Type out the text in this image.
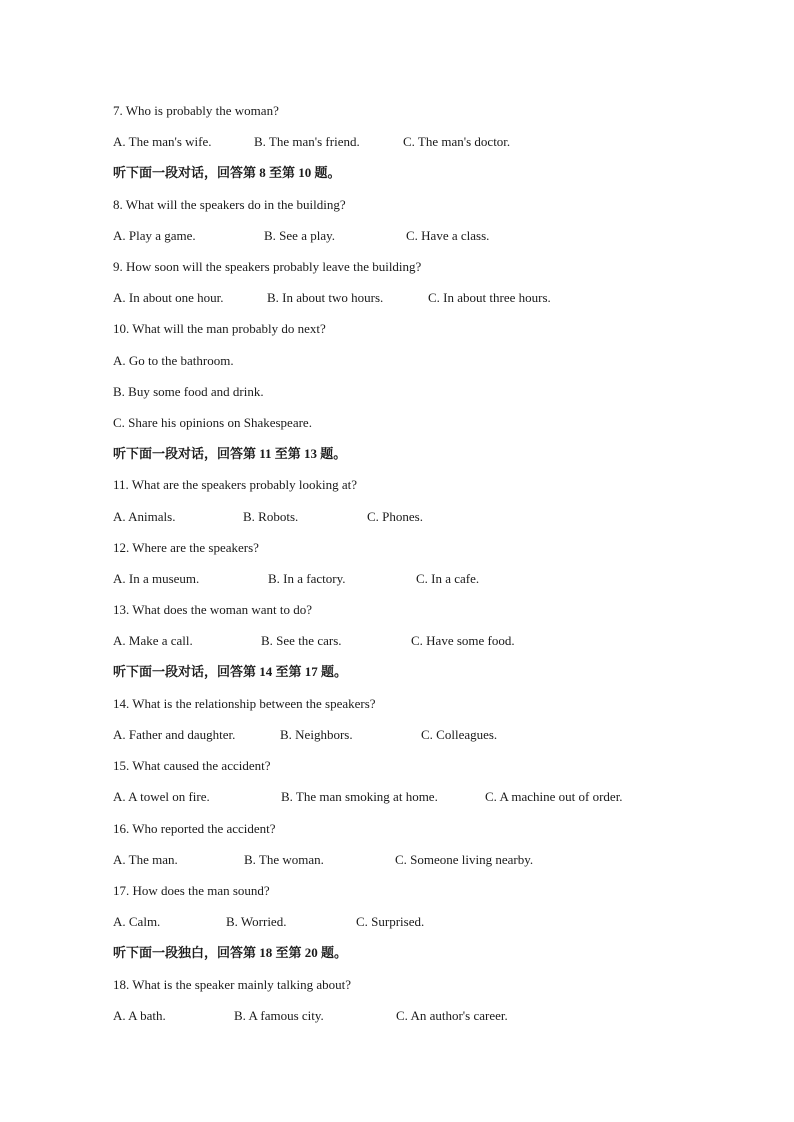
7. Who is probably the woman?
A. The man's wife.	B. The man's friend.	C. The man's doctor.
听下面一段对话，回答第 8 至第 10 题。
8. What will the speakers do in the building?
A. Play a game.	B. See a play.	C. Have a class.
9. How soon will the speakers probably leave the building?
A. In about one hour.	B. In about two hours.	C. In about three hours.
10. What will the man probably do next?
A. Go to the bathroom.
B. Buy some food and drink.
C. Share his opinions on Shakespeare.
听下面一段对话，回答第 11 至第 13 题。
11. What are the speakers probably looking at?
A. Animals.	B. Robots.	C. Phones.
12. Where are the speakers?
A. In a museum.	B. In a factory.	C. In a cafe.
13. What does the woman want to do?
A. Make a call.	B. See the cars.	C. Have some food.
听下面一段对话，回答第 14 至第 17 题。
14. What is the relationship between the speakers?
A. Father and daughter.	B. Neighbors.	C. Colleagues.
15. What caused the accident?
A. A towel on fire.	B. The man smoking at home.	C. A machine out of order.
16. Who reported the accident?
A. The man.	B. The woman.	C. Someone living nearby.
17. How does the man sound?
A. Calm.	B. Worried.	C. Surprised.
听下面一段独白，回答第 18 至第 20 题。
18. What is the speaker mainly talking about?
A. A bath.	B. A famous city.	C. An author's career.
